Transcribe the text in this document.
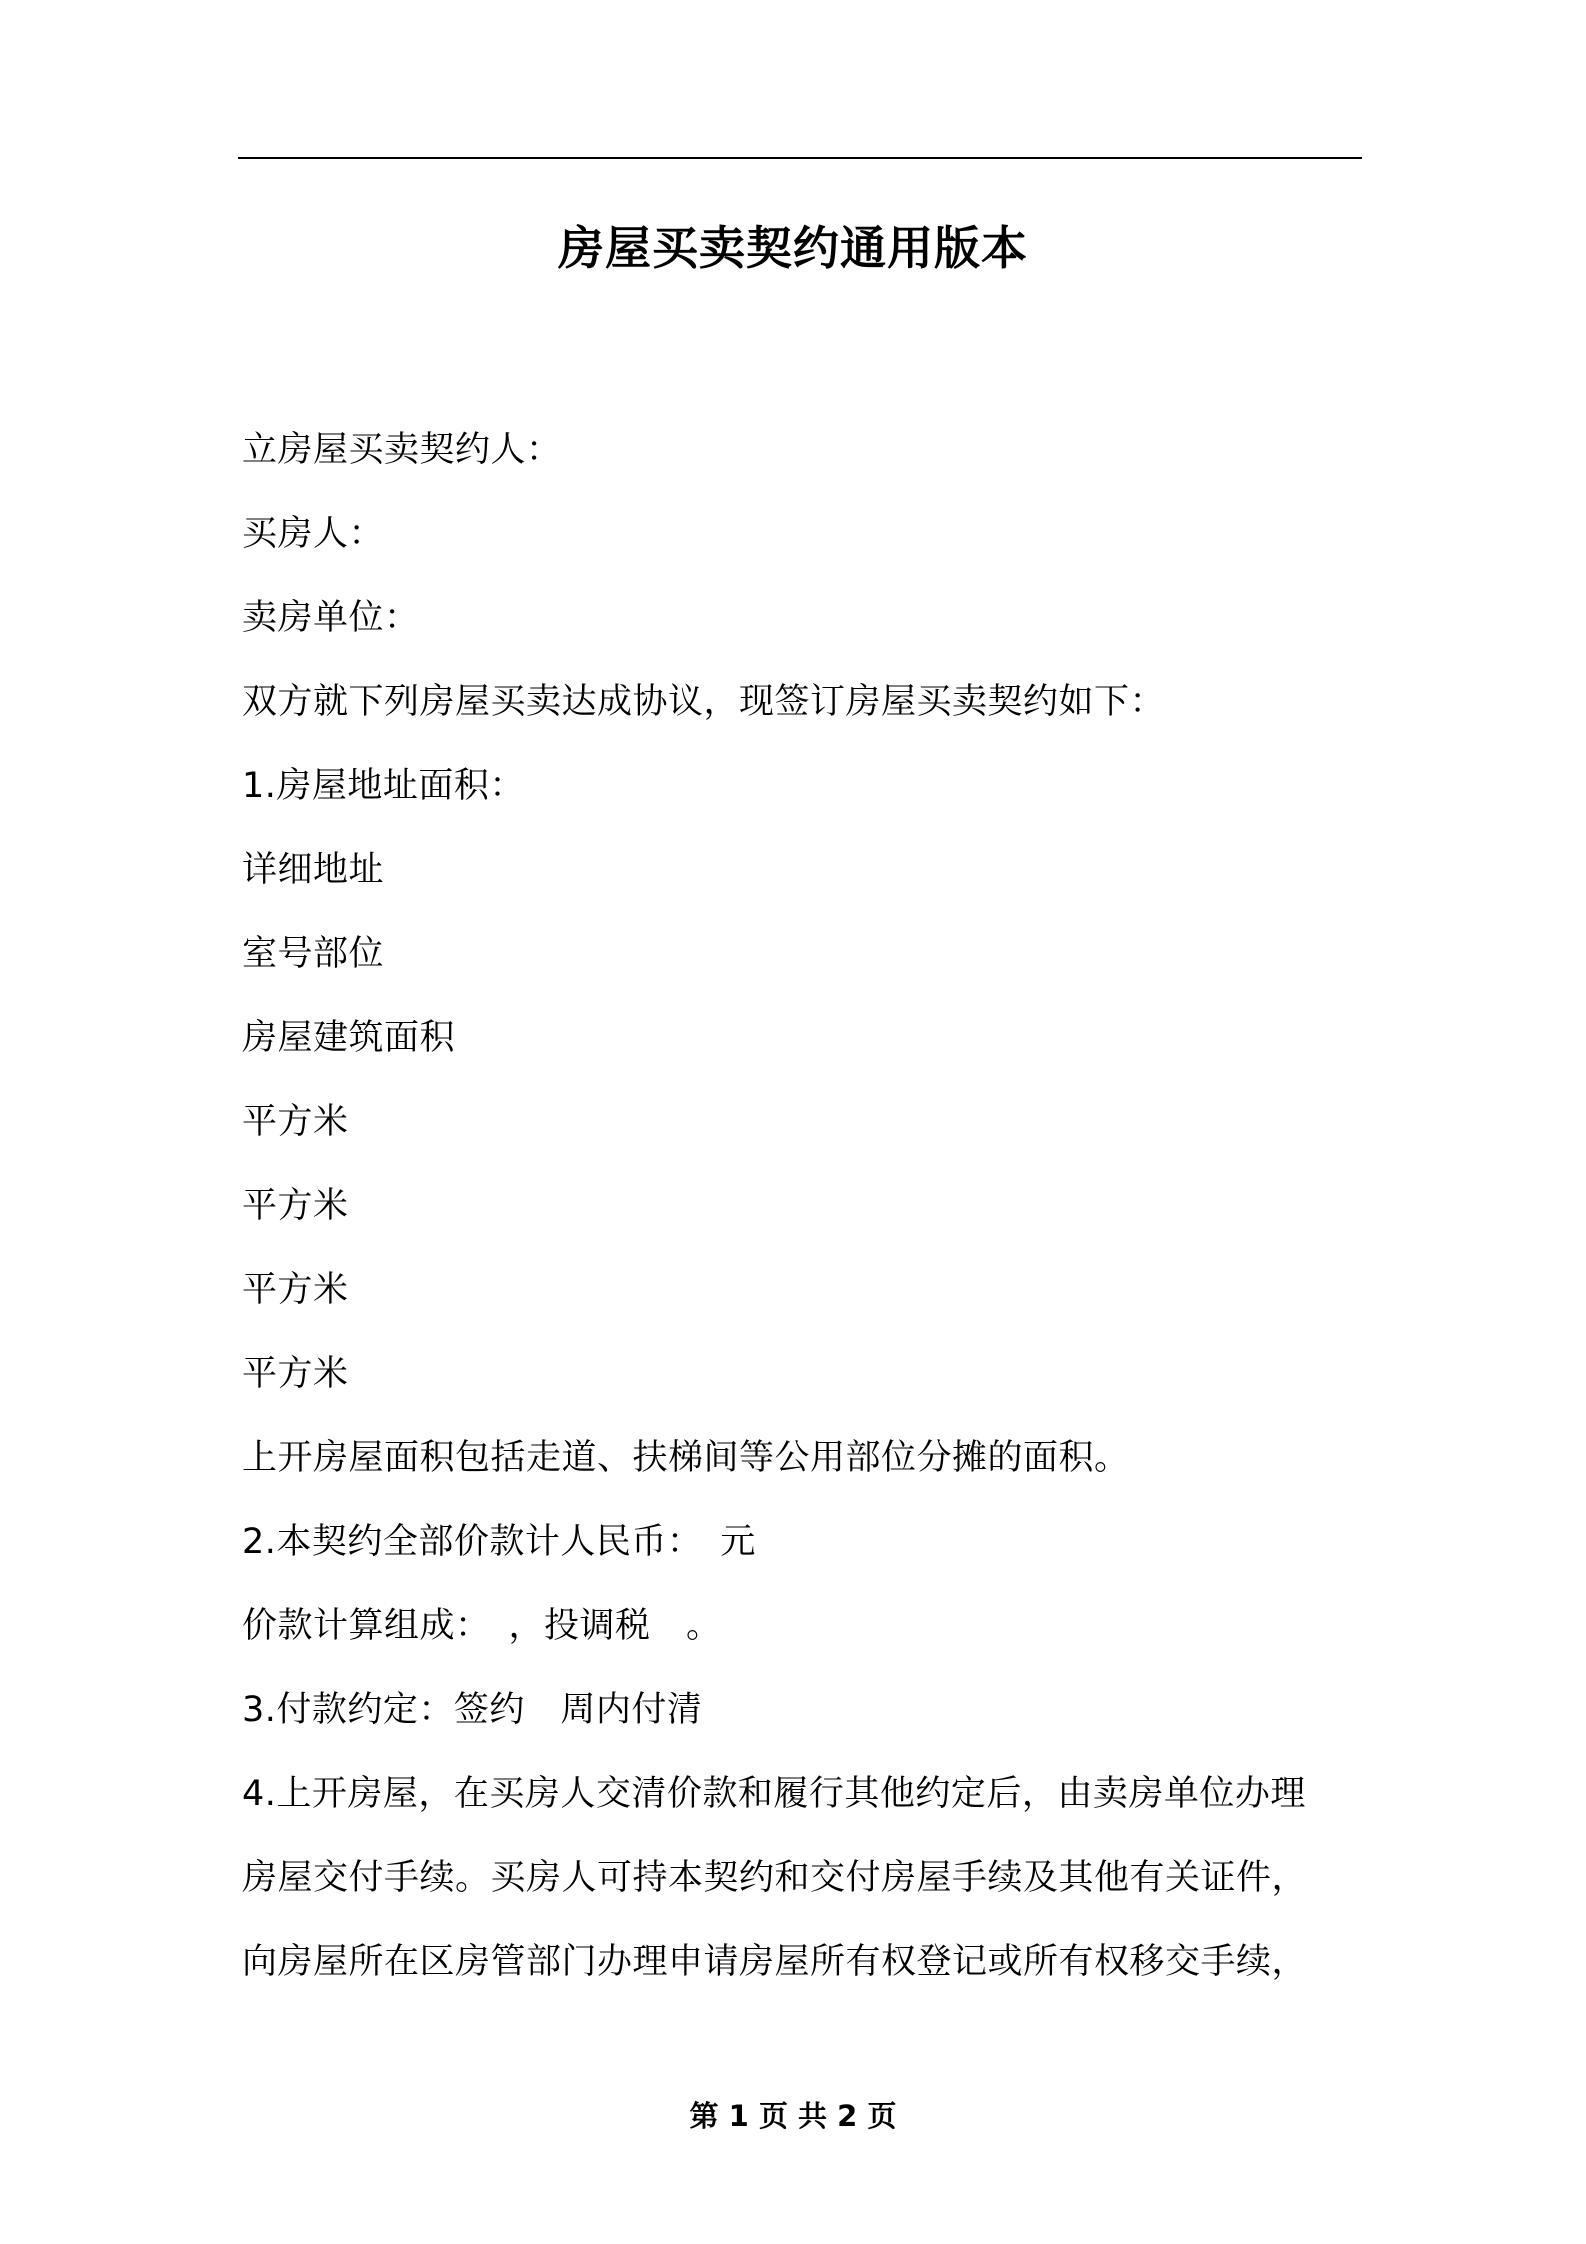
房屋买卖契约通用版本
立房屋买卖契约人：
买房人：
卖房单位：
双方就下列房屋买卖达成协议，现签订房屋买卖契约如下：
1.房屋地址面积：
详细地址
室号部位
房屋建筑面积
平方米
平方米
平方米
平方米
上开房屋面积包括走道、扶梯间等公用部位分摊的面积。
2.本契约全部价款计人民币：　元
价款计算组成：　，投调税　。
3.付款约定：签约　周内付清
4.上开房屋，在买房人交清价款和履行其他约定后，由卖房单位办理
房屋交付手续。买房人可持本契约和交付房屋手续及其他有关证件，
向房屋所在区房管部门办理申请房屋所有权登记或所有权移交手续，
第 1 页 共 2 页
